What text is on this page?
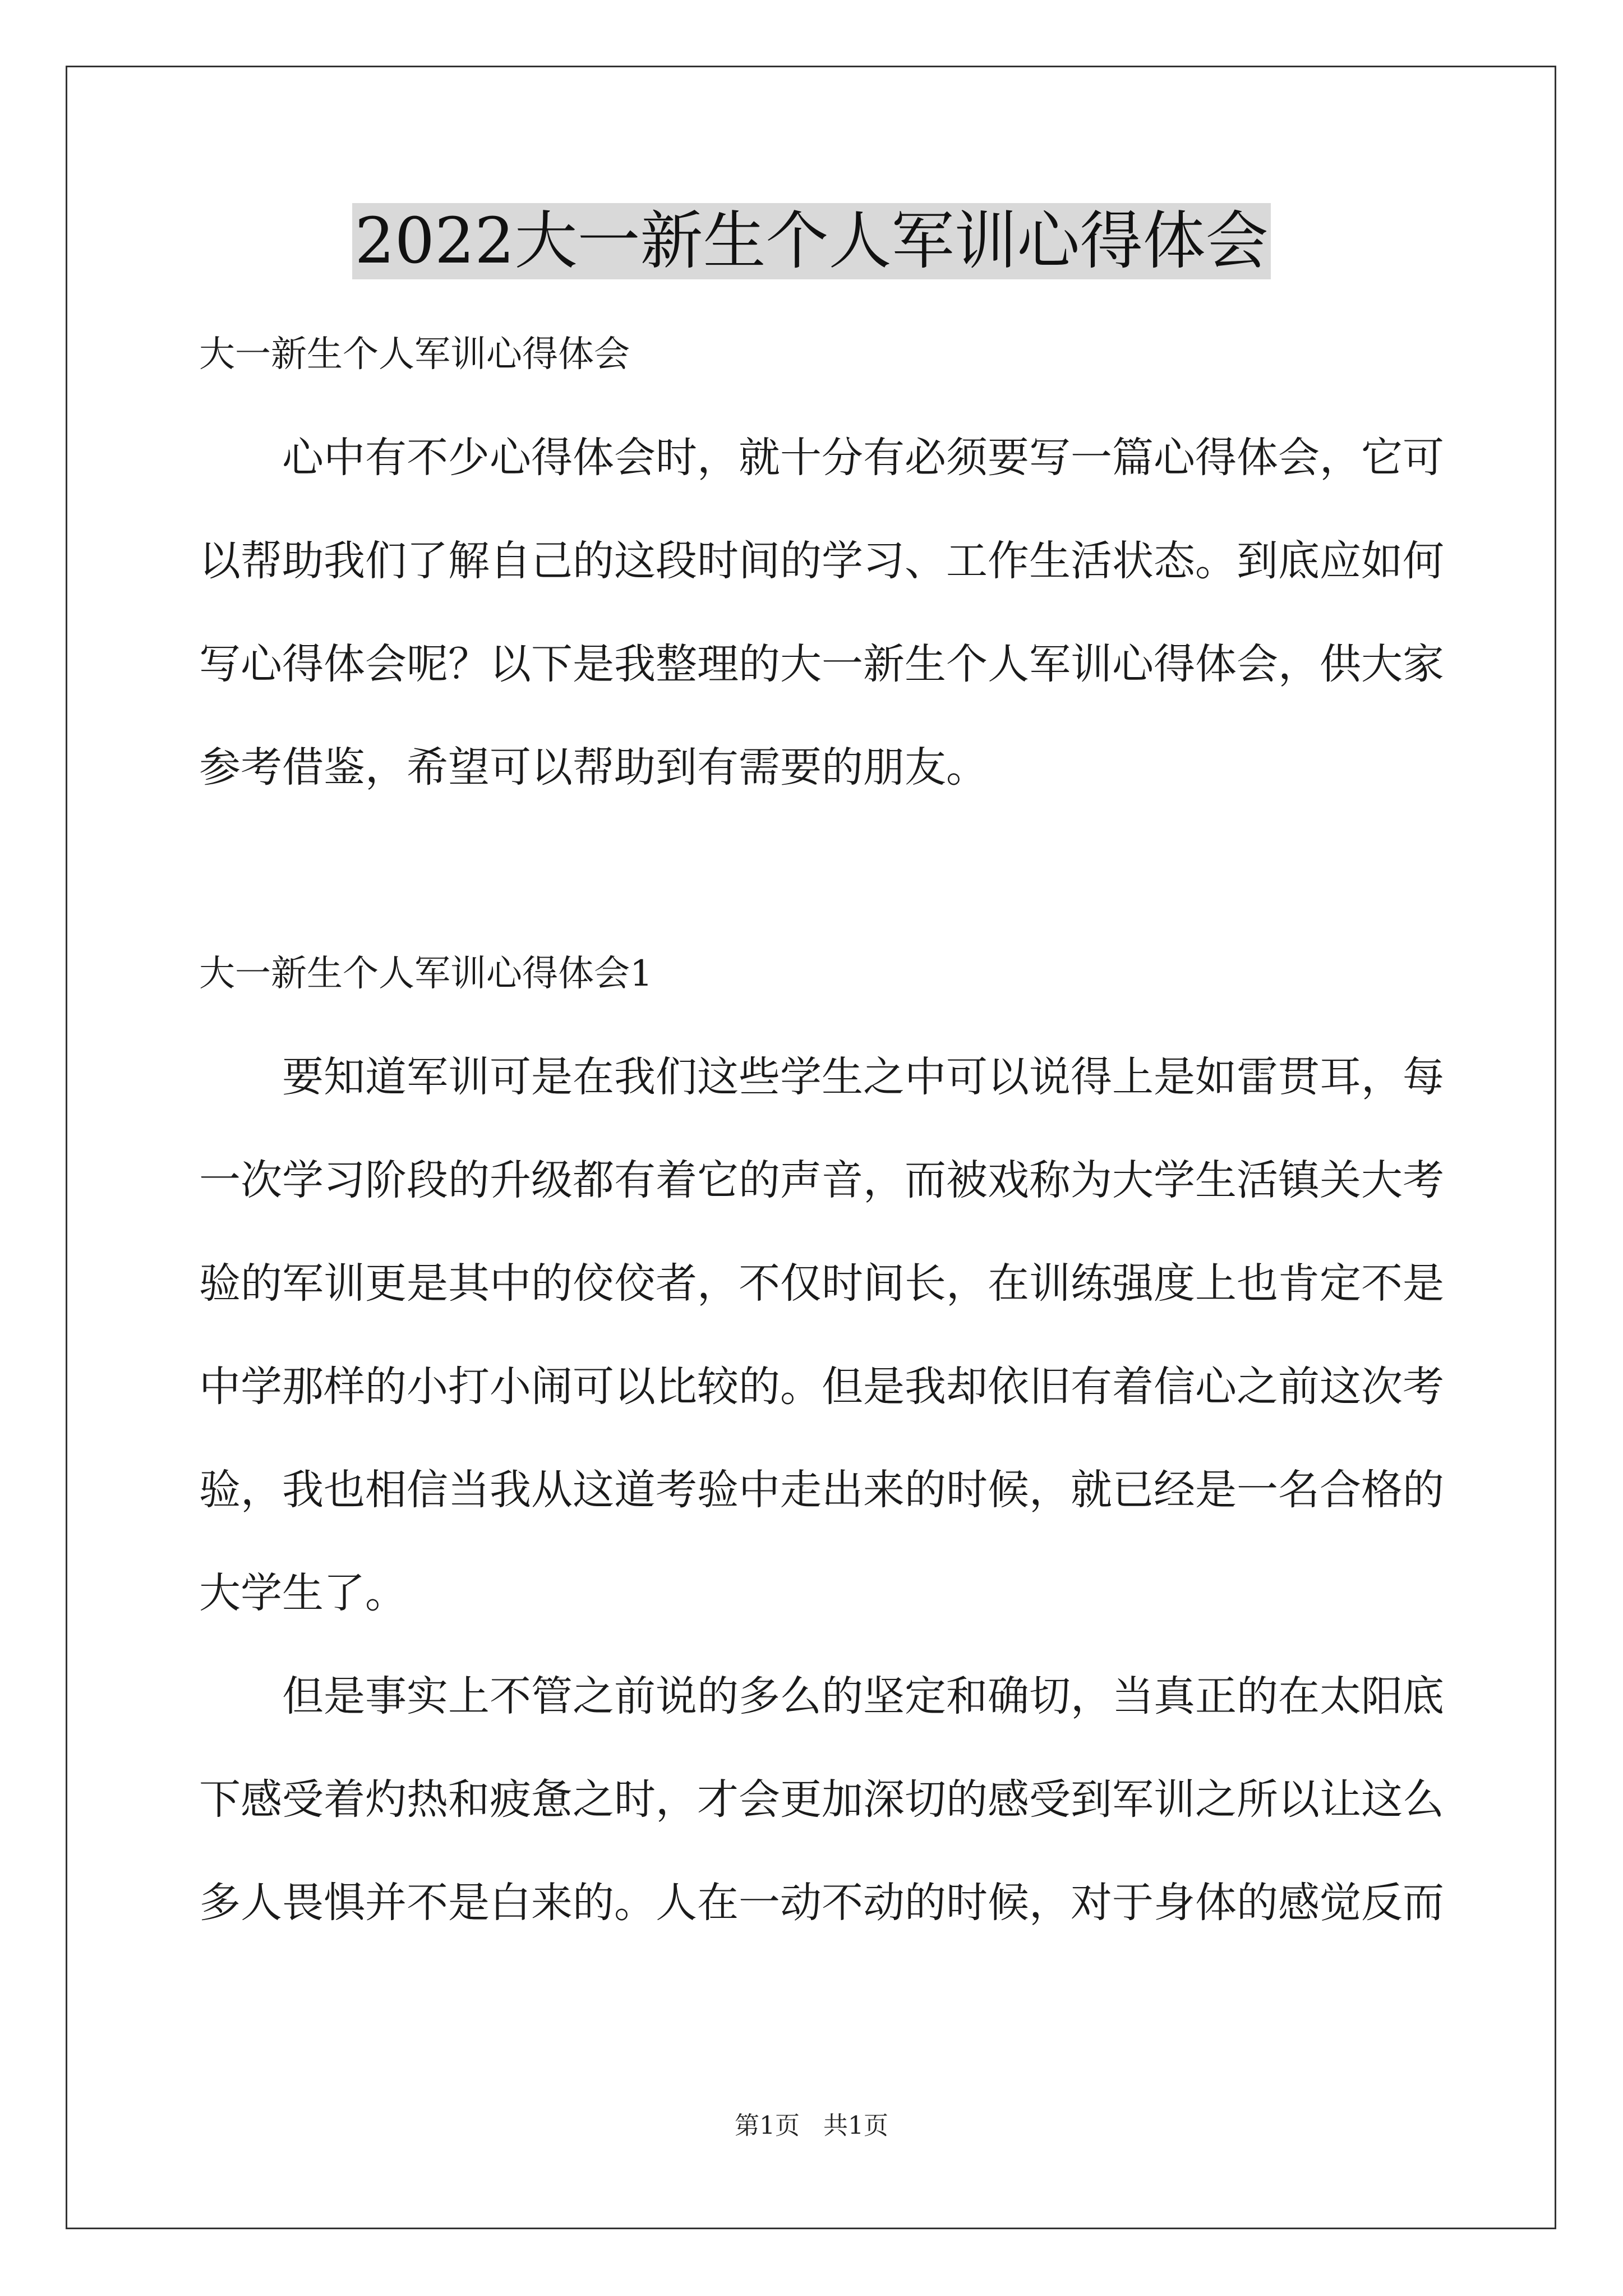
2022大一新生个人军训心得体会

大一新生个人军训心得体会

心中有不少心得体会时，就十分有必须要写一篇心得体会，它可
以帮助我们了解自己的这段时间的学习、工作生活状态。到底应如何
写心得体会呢？以下是我整理的大一新生个人军训心得体会，供大家
参考借鉴，希望可以帮助到有需要的朋友。

大一新生个人军训心得体会1

要知道军训可是在我们这些学生之中可以说得上是如雷贯耳，每
一次学习阶段的升级都有着它的声音，而被戏称为大学生活镇关大考
验的军训更是其中的佼佼者，不仅时间长，在训练强度上也肯定不是
中学那样的小打小闹可以比较的。但是我却依旧有着信心之前这次考
验，我也相信当我从这道考验中走出来的时候，就已经是一名合格的
大学生了。
但是事实上不管之前说的多么的坚定和确切，当真正的在太阳底
下感受着灼热和疲惫之时，才会更加深切的感受到军训之所以让这么
多人畏惧并不是白来的。人在一动不动的时候，对于身体的感觉反而
第1页   共1页
